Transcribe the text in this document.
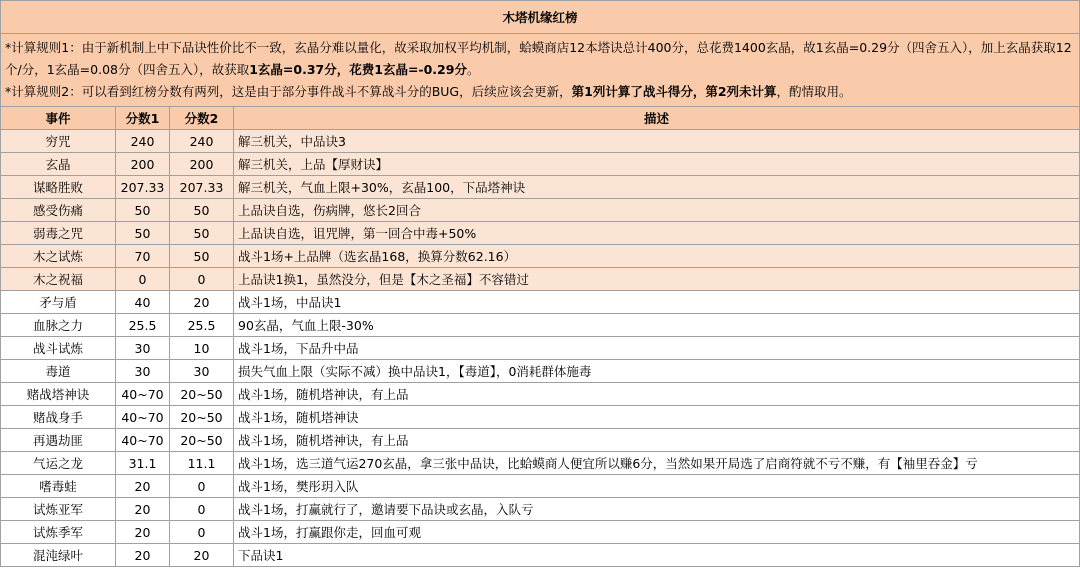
木塔机缘红榜			

*计算规则1：由于新机制上中下品诀性价比不一致，玄晶分难以量化，故采取加权平均机制，蛤蟆商店12本塔诀总计400分，总花费1400玄晶，故1玄晶=0.29分（四舍五入），加上玄晶获取12个/分，1玄晶=0.08分（四舍五入），故获取1玄晶=0.37分，花费1玄晶=-0.29分。
*计算规则2：可以看到红榜分数有两列，这是由于部分事件战斗不算战斗分的BUG，后续应该会更新，第1列计算了战斗得分，第2列未计算，酌情取用。			

事件	分数1	分数2	描述
穷咒	240	240	解三机关，中品诀3
玄晶	200	200	解三机关，上品【厚财诀】
谋略胜败	207.33	207.33	解三机关，气血上限+30%，玄晶100，下品塔神诀
感受伤痛	50	50	上品诀自选，伤病牌，悠长2回合
弱毒之咒	50	50	上品诀自选，诅咒牌，第一回合中毒+50%
木之试炼	70	50	战斗1场+上品牌（选玄晶168，换算分数62.16）
木之祝福	0	0	上品诀1换1，虽然没分，但是【木之圣福】不容错过
矛与盾	40	20	战斗1场，中品诀1
血脉之力	25.5	25.5	90玄晶，气血上限-30%
战斗试炼	30	10	战斗1场，下品升中品
毒道	30	30	损失气血上限（实际不减）换中品诀1，【毒道】，0消耗群体施毒
赌战塔神诀	40~70	20~50	战斗1场，随机塔神诀，有上品
赌战身手	40~70	20~50	战斗1场，随机塔神诀
再遇劫匪	40~70	20~50	战斗1场，随机塔神诀，有上品
气运之龙	31.1	11.1	战斗1场，选三道气运270玄晶，拿三张中品诀，比蛤蟆商人便宜所以赚6分，当然如果开局选了启商符就不亏不赚，有【袖里吞金】亏
嗜毒蛙	20	0	战斗1场，樊彤玥入队
试炼亚军	20	0	战斗1场，打赢就行了，邀请要下品诀或玄晶，入队亏
试炼季军	20	0	战斗1场，打赢跟你走，回血可观
混沌绿叶	20	20	下品诀1
